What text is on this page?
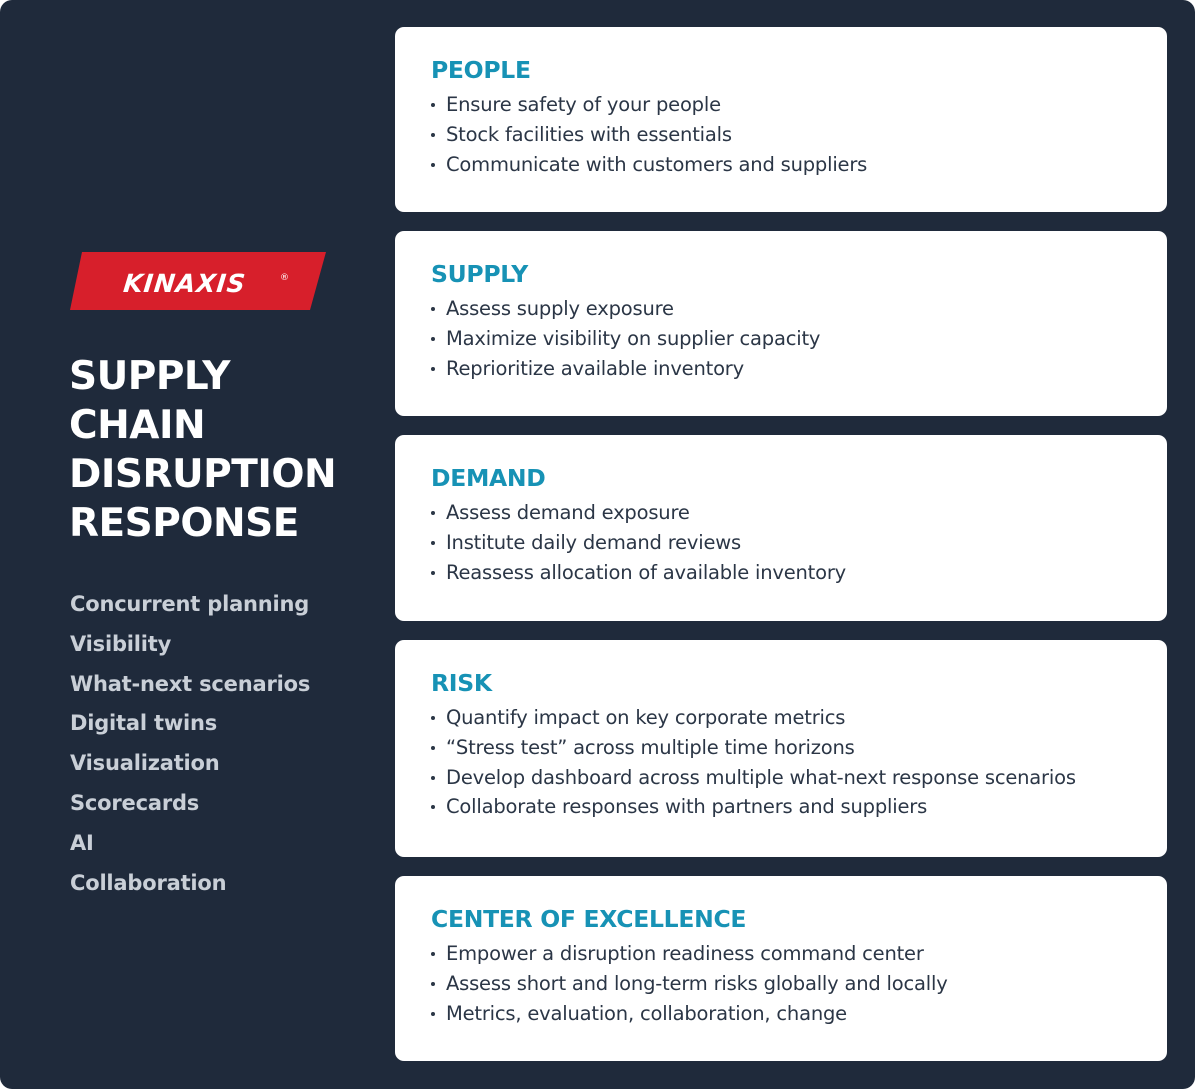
KINAXIS	®
SUPPLY
CHAIN
DISRUPTION
RESPONSE
Concurrent planning
Visibility
What-next scenarios
Digital twins
Visualization
Scorecards
AI
Collaboration
PEOPLE
Ensure safety of your people
Stock facilities with essentials
Communicate with customers and suppliers
SUPPLY
Assess supply exposure
Maximize visibility on supplier capacity
Reprioritize available inventory
DEMAND
Assess demand exposure
Institute daily demand reviews
Reassess allocation of available inventory
RISK
Quantify impact on key corporate metrics
“Stress test” across multiple time horizons
Develop dashboard across multiple what-next response scenarios
Collaborate responses with partners and suppliers
CENTER OF EXCELLENCE
Empower a disruption readiness command center
Assess short and long-term risks globally and locally
Metrics, evaluation, collaboration, change
